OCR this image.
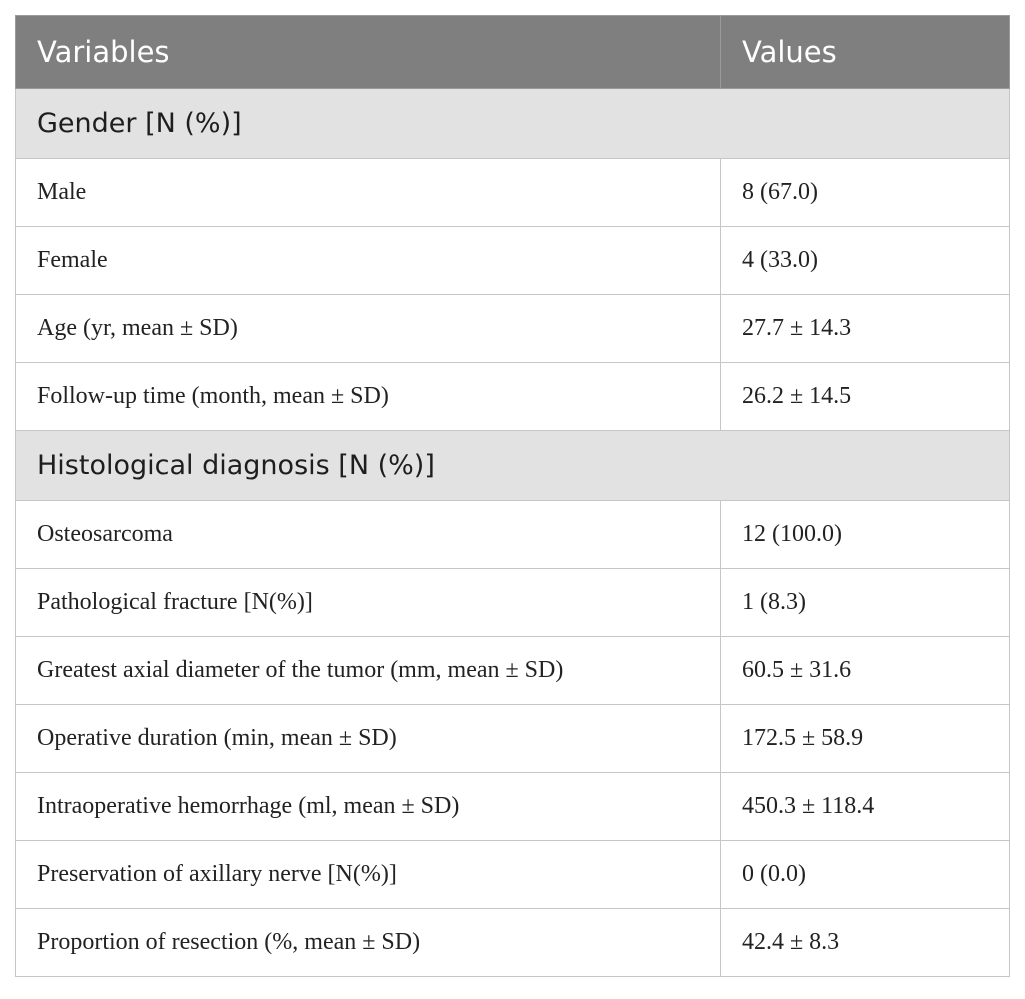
Variables	Values
Gender [N (%)]	
Male	8 (67.0)
Female	4 (33.0)
Age (yr, mean ± SD)	27.7 ± 14.3
Follow-up time (month, mean ± SD)	26.2 ± 14.5
Histological diagnosis [N (%)]	
Osteosarcoma	12 (100.0)
Pathological fracture [N(%)]	1 (8.3)
Greatest axial diameter of the tumor (mm, mean ± SD)	60.5 ± 31.6
Operative duration (min, mean ± SD)	172.5 ± 58.9
Intraoperative hemorrhage (ml, mean ± SD)	450.3 ± 118.4
Preservation of axillary nerve [N(%)]	0 (0.0)
Proportion of resection (%, mean ± SD)	42.4 ± 8.3
